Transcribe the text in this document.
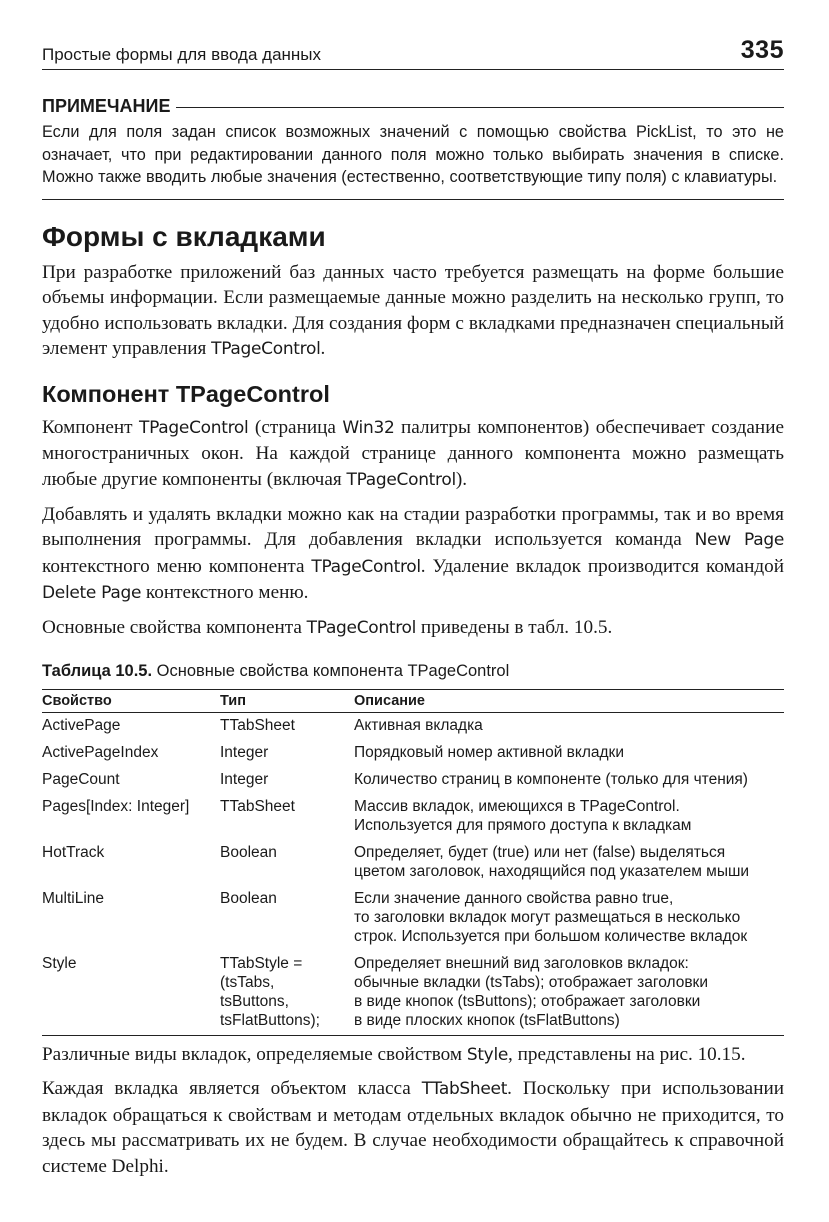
Простые формы для ввода данных	335
ПРИМЕЧАНИЕ

Если для поля задан список возможных значений с помощью свойства PickList, то это не означает, что при редактировании данного поля можно только выбирать значения в списке. Можно также вводить любые значения (естественно, соответствующие типу поля) с клавиатуры.

Формы с вкладками

При разработке приложений баз данных часто требуется размещать на форме большие объемы информации. Если размещаемые данные можно разделить на несколько групп, то удобно использовать вкладки. Для создания форм с вкладками предназначен специальный элемент управления TPageControl.

Компонент TPageControl

Компонент TPageControl (страница Win32 палитры компонентов) обеспечивает создание многостраничных окон. На каждой странице данного компонента можно размещать любые другие компоненты (включая TPageControl).

Добавлять и удалять вкладки можно как на стадии разработки программы, так и во время выполнения программы. Для добавления вкладки используется команда New Page контекстного меню компонента TPageControl. Удаление вкладок производится командой Delete Page контекстного меню.

Основные свойства компонента TPageControl приведены в табл. 10.5.

Таблица 10.5. Основные свойства компонента TPageControl
Свойство	Тип	Описание
ActivePage	TTabSheet	Активная вкладка

ActivePageIndex	Integer	Порядковый номер активной вкладки

PageCount	Integer	Количество страниц в компоненте (только для чтения)

Pages[Index: Integer]	TTabSheet	Массив вкладок, имеющихся в TPageControl.
Используется для прямого доступа к вкладкам

HotTrack	Boolean	Определяет, будет (true) или нет (false) выделяться
цветом заголовок, находящийся под указателем мыши

MultiLine	Boolean	Если значение данного свойства равно true,
то заголовки вкладок могут размещаться в несколько
строк. Используется при большом количестве вкладок

Style	TTabStyle =
(tsTabs,
tsButtons,
tsFlatButtons);	Определяет внешний вид заголовков вкладок:
обычные вкладки (tsTabs); отображает заголовки
в виде кнопок (tsButtons); отображает заголовки
в виде плоских кнопок (tsFlatButtons)

Различные виды вкладок, определяемые свойством Style, представлены на рис. 10.15.

Каждая вкладка является объектом класса TTabSheet. Поскольку при использовании вкладок обращаться к свойствам и методам отдельных вкладок обычно не приходится, то здесь мы рассматривать их не будем. В случае необходимости обращайтесь к справочной системе Delphi.
